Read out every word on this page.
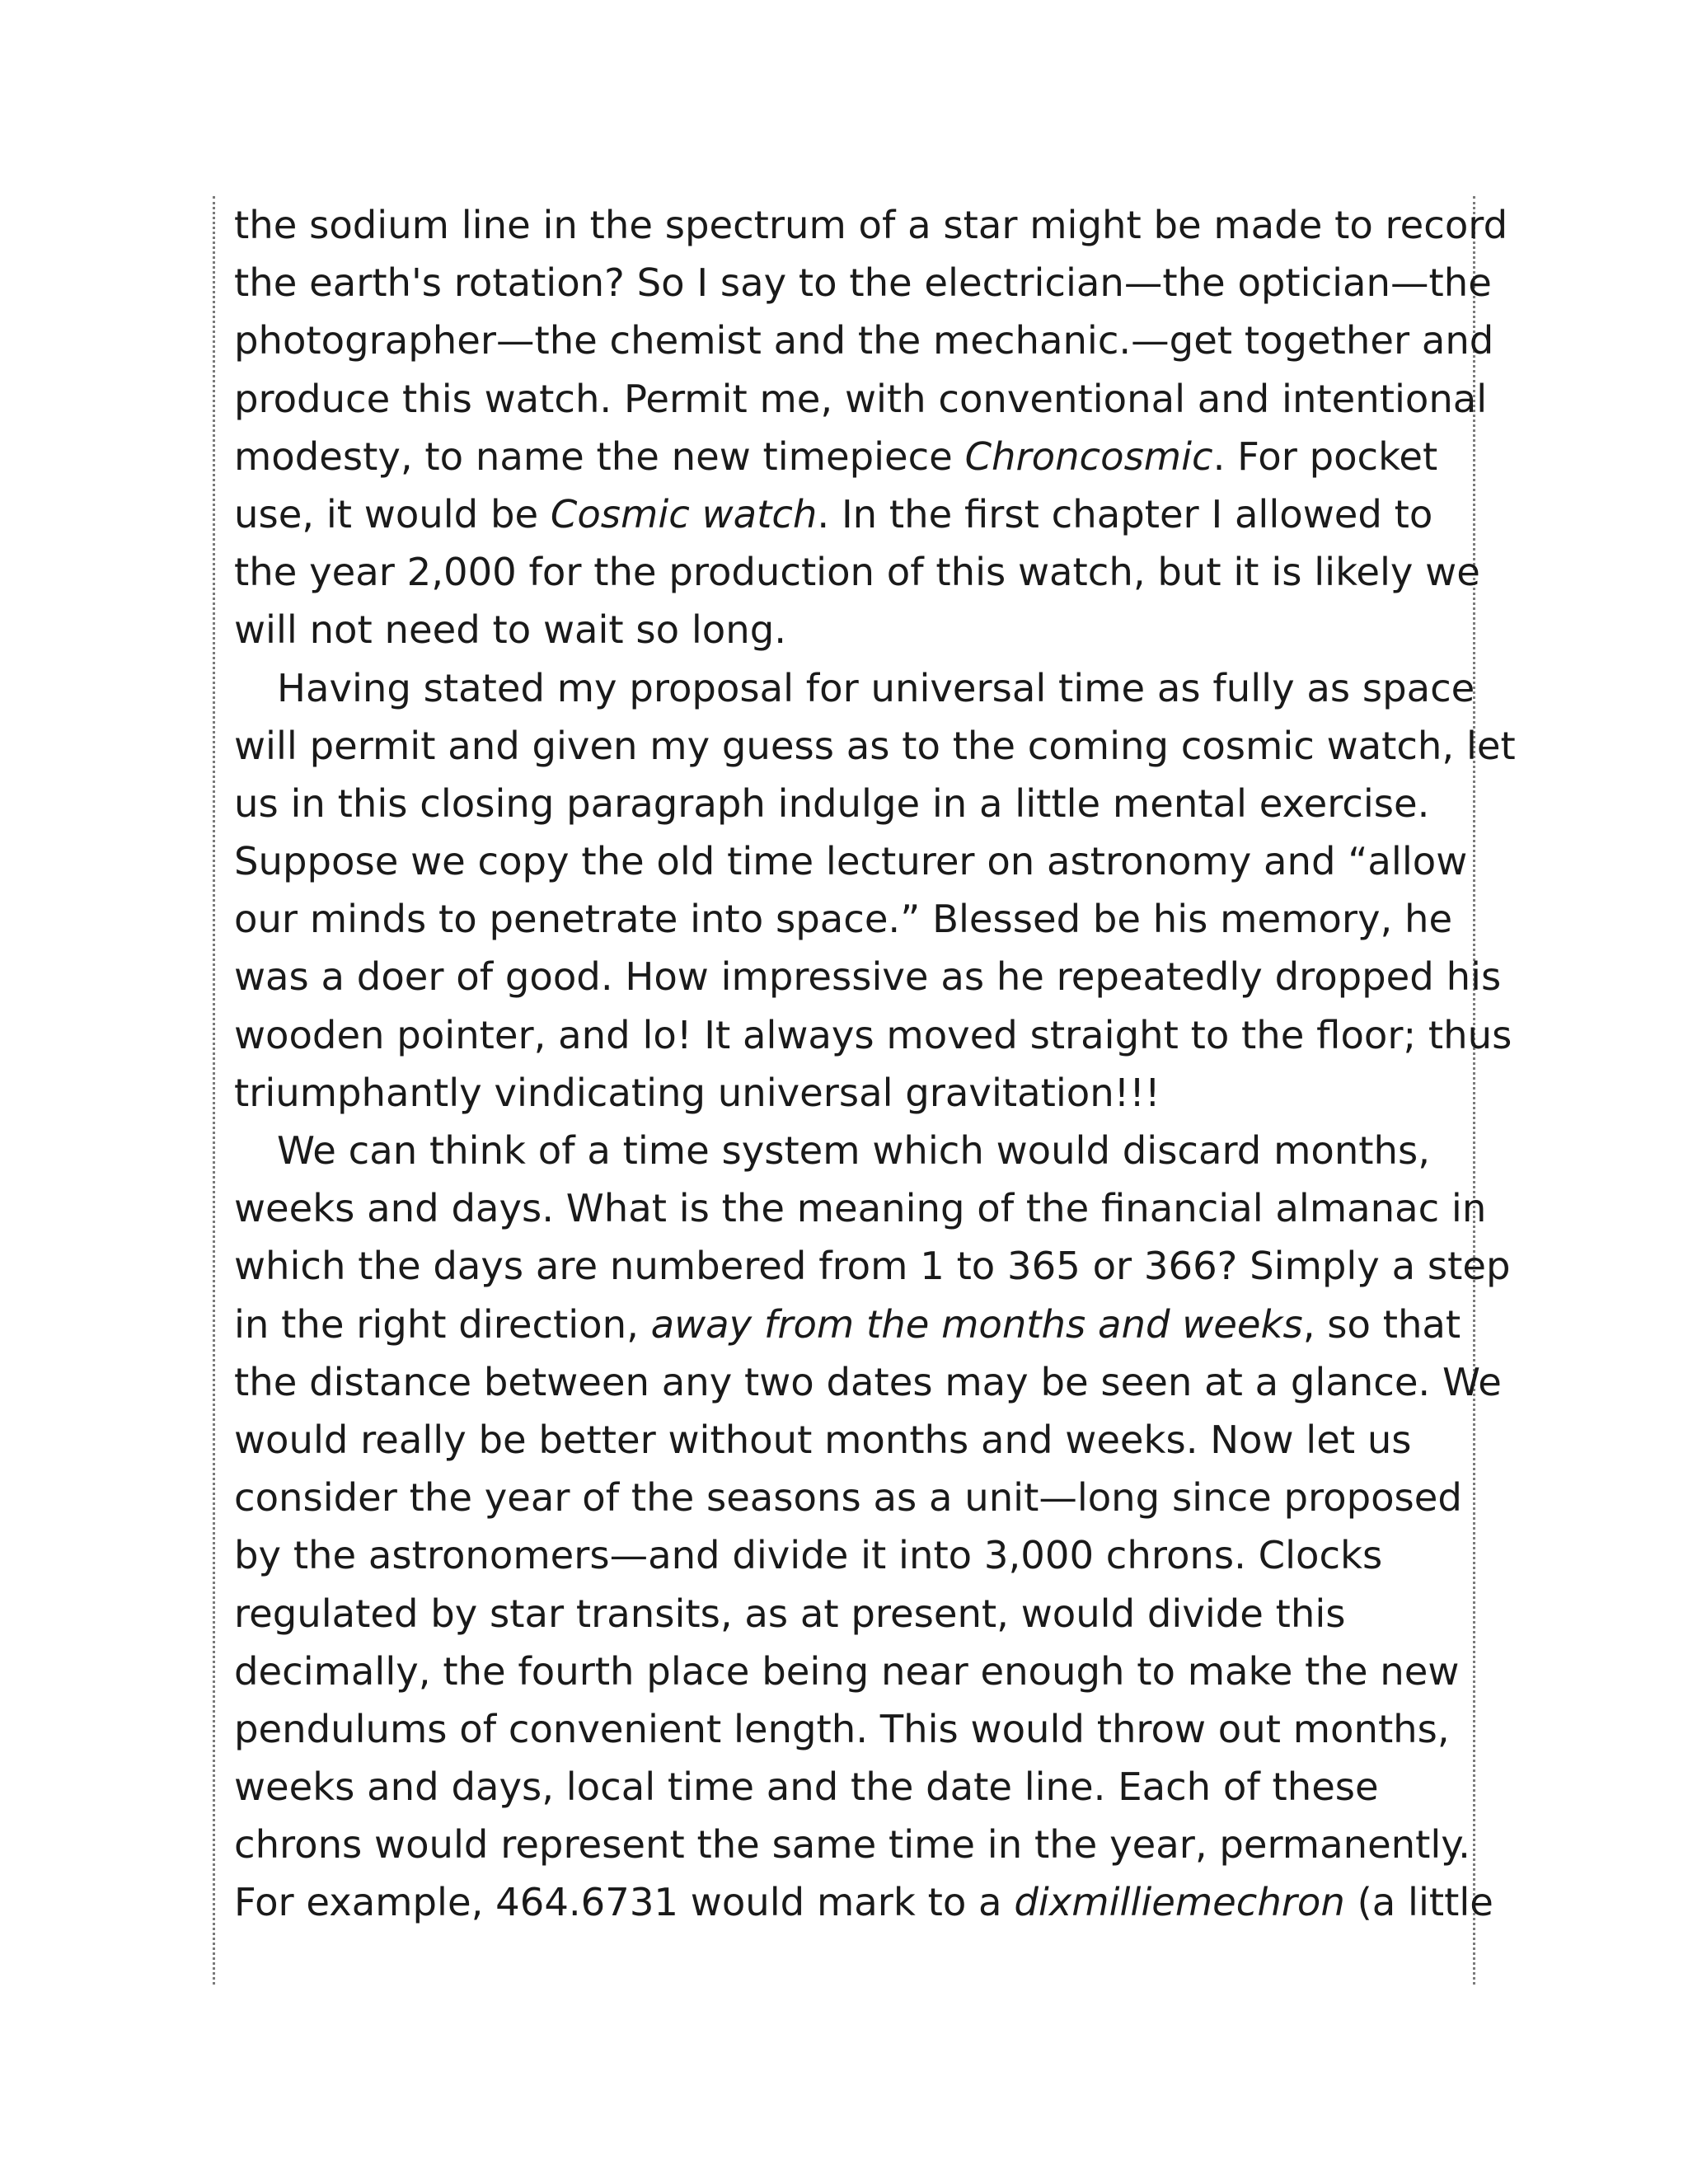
the sodium line in the spectrum of a star might be made to record
the earth's rotation? So I say to the electrician—the optician—the
photographer—the chemist and the mechanic.—get together and
produce this watch. Permit me, with conventional and intentional
modesty, to name the new timepiece Chroncosmic. For pocket
use, it would be Cosmic watch. In the first chapter I allowed to
the year 2,000 for the production of this watch, but it is likely we
will not need to wait so long.
Having stated my proposal for universal time as fully as space
will permit and given my guess as to the coming cosmic watch, let
us in this closing paragraph indulge in a little mental exercise.
Suppose we copy the old time lecturer on astronomy and “allow
our minds to penetrate into space.” Blessed be his memory, he
was a doer of good. How impressive as he repeatedly dropped his
wooden pointer, and lo! It always moved straight to the floor; thus
triumphantly vindicating universal gravitation!!!
We can think of a time system which would discard months,
weeks and days. What is the meaning of the financial almanac in
which the days are numbered from 1 to 365 or 366? Simply a step
in the right direction, away from the months and weeks, so that
the distance between any two dates may be seen at a glance. We
would really be better without months and weeks. Now let us
consider the year of the seasons as a unit—long since proposed
by the astronomers—and divide it into 3,000 chrons. Clocks
regulated by star transits, as at present, would divide this
decimally, the fourth place being near enough to make the new
pendulums of convenient length. This would throw out months,
weeks and days, local time and the date line. Each of these
chrons would represent the same time in the year, permanently.
For example, 464.6731 would mark to a dixmilliemechron (a little
